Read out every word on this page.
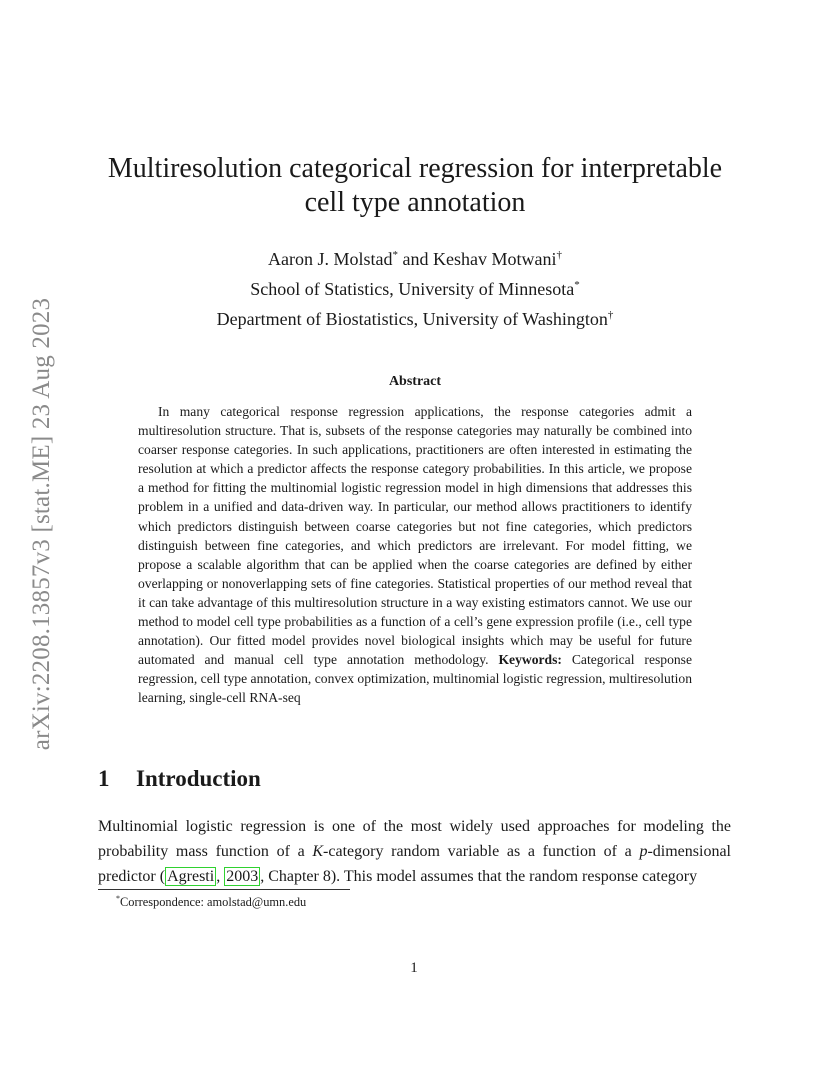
arXiv:2208.13857v3 [stat.ME] 23 Aug 2023
Multiresolution categorical regression for interpretable
cell type annotation
Aaron J. Molstad* and Keshav Motwani†
School of Statistics, University of Minnesota*
Department of Biostatistics, University of Washington†
Abstract

In many categorical response regression applications, the response categories admit a multiresolution structure. That is, subsets of the response categories may naturally be combined into coarser response categories. In such applications, practitioners are often interested in estimating the resolution at which a predictor affects the response category probabilities. In this article, we propose a method for fitting the multinomial logistic regression model in high dimensions that addresses this problem in a unified and data-driven way. In particular, our method allows practitioners to identify which predictors distinguish between coarse categories but not fine categories, which predictors distinguish between fine categories, and which predictors are irrelevant. For model fitting, we propose a scalable algorithm that can be applied when the coarse categories are defined by either overlapping or nonoverlapping sets of fine categories. Statistical properties of our method reveal that it can take advantage of this multiresolution structure in a way existing estimators cannot. We use our method to model cell type probabilities as a function of a cell’s gene expression profile (i.e., cell type annotation). Our fitted model provides novel biological insights which may be useful for future automated and manual cell type annotation methodology. Keywords: Categorical response regression, cell type annotation, convex optimization, multinomial logistic regression, multiresolution learning, single-cell RNA-seq

1 Introduction

Multinomial logistic regression is one of the most widely used approaches for modeling the probability mass function of a K-category random variable as a function of a p-dimensional predictor ( Agresti , 2003 , Chapter 8). This model assumes that the random response category

*Correspondence: amolstad@umn.edu
1
